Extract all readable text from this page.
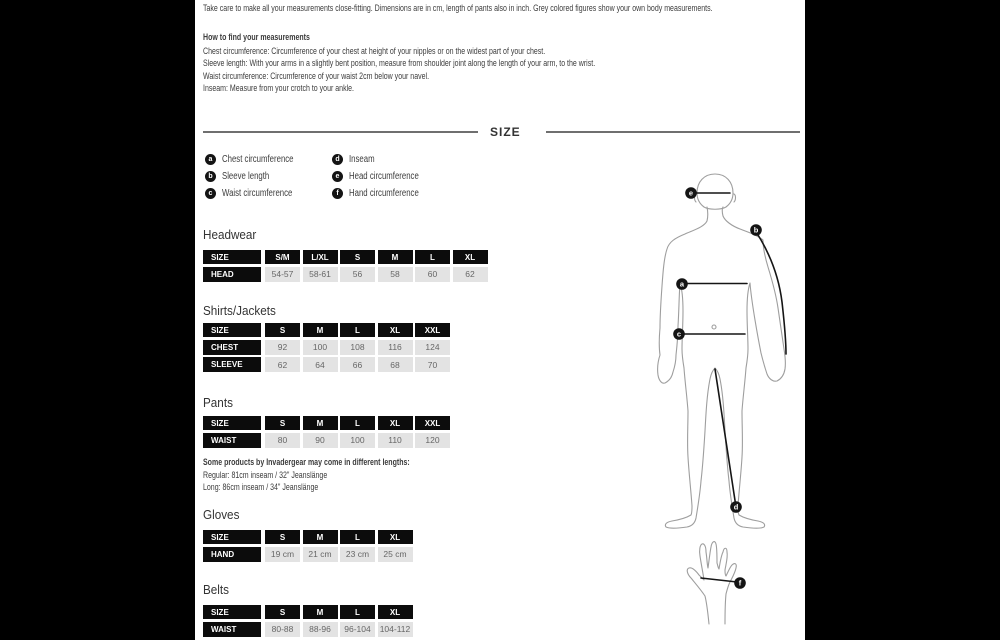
Take care to make all your measurements close-fitting. Dimensions are in cm, length of pants also in inch. Grey colored figures show your own body measurements.
How to find your measurements
Chest circumference: Circumference of your chest at height of your nipples or on the widest part of your chest.
Sleeve length: With your arms in a slightly bent position, measure from shoulder joint along the length of your arm, to the wrist.
Waist circumference: Circumference of your waist 2cm below your navel.
Inseam: Measure from your crotch to your ankle.
SIZE
a Chest circumference
b Sleeve length
c Waist circumference
d Inseam
e Head circumference
f	Hand circumference
Headwear
SIZE	S/M	L/XL	S	M	L	XL
HEAD	54-57	58-61	56	58	60	62
Shirts/Jackets
SIZE	S	M	L	XL	XXL
CHEST	92	100	108	116	124
SLEEVE	62	64	66	68	70
Pants
SIZE	S	M	L	XL	XXL
WAIST	80	90	100	110	120
Some products by Invadergear may come in different lengths:
Regular: 81cm inseam / 32" Jeanslänge
Long: 86cm inseam / 34" Jeanslänge
Gloves
SIZE	S	M	L	XL
HAND	19 cm	21 cm	23 cm	25 cm
Belts
SIZE	S	M	L	XL
WAIST	80-88	88-96	96-104	104-112
e
b
a
c
d
f
